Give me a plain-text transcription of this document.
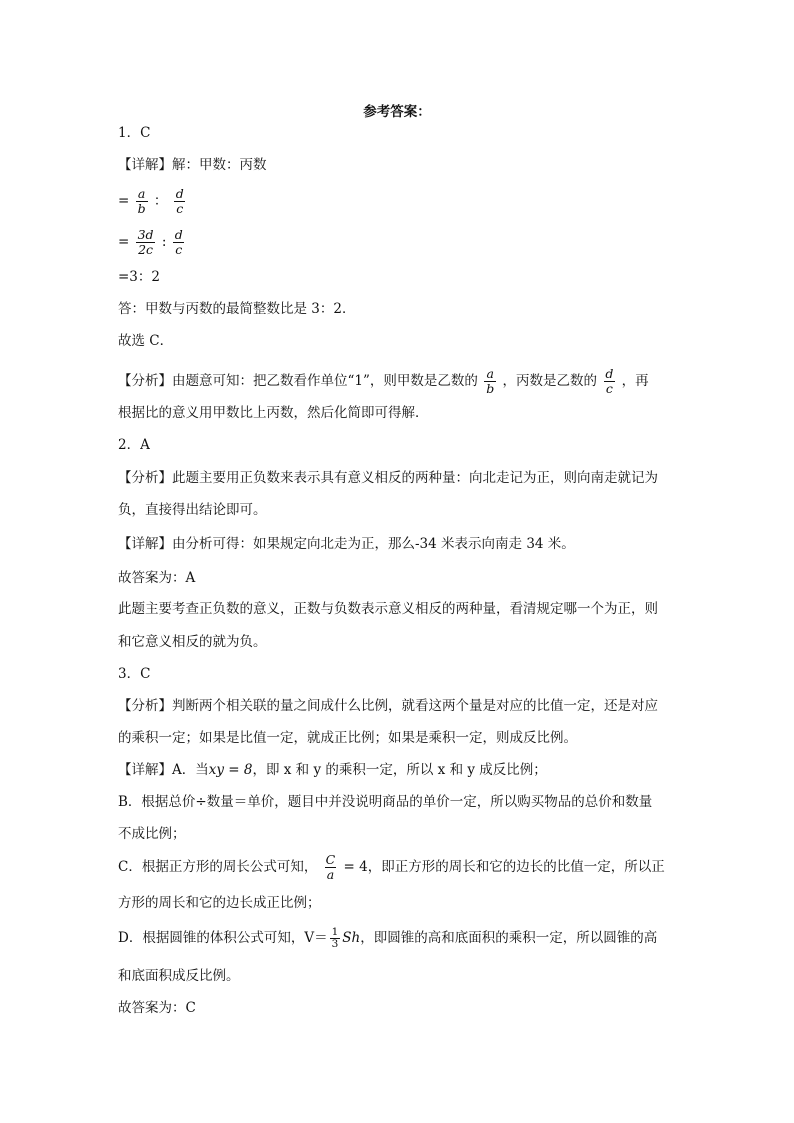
参考答案：
1．C
【详解】解：甲数：丙数
= $\frac{a}{b}$ ： $\frac{d}{c}$
= $\frac{3d}{2c}$ : $\frac{d}{c}$
=3：2
答：甲数与丙数的最简整数比是 3：2．
故选 C．
【分析】由题意可知：把乙数看作单位“1”，则甲数是乙数的 $\frac{a}{b}$ ，丙数是乙数的 $\frac{d}{c}$ ，再
根据比的意义用甲数比上丙数，然后化简即可得解．
2．A
【分析】此题主要用正负数来表示具有意义相反的两种量：向北走记为正，则向南走就记为
负，直接得出结论即可。
【详解】由分析可得：如果规定向北走为正，那么-34 米表示向南走 34 米。
故答案为：A
此题主要考查正负数的意义，正数与负数表示意义相反的两种量，看清规定哪一个为正，则
和它意义相反的就为负。
3．C
【分析】判断两个相关联的量之间成什么比例，就看这两个量是对应的比值一定，还是对应
的乘积一定；如果是比值一定，就成正比例；如果是乘积一定，则成反比例。
【详解】A．当xy = 8，即 x 和 y 的乘积一定，所以 x 和 y 成反比例；
B．根据总价÷数量＝单价，题目中并没说明商品的单价一定，所以购买物品的总价和数量
不成比例；
C．根据正方形的周长公式可知， $\frac{C}{a} = 4$，即正方形的周长和它的边长的比值一定，所以正
方形的周长和它的边长成正比例；
D．根据圆锥的体积公式可知，$V= \frac{1}{3}$ Sh，即圆锥的高和底面积的乘积一定，所以圆锥的高
和底面积成反比例。
故答案为：C
